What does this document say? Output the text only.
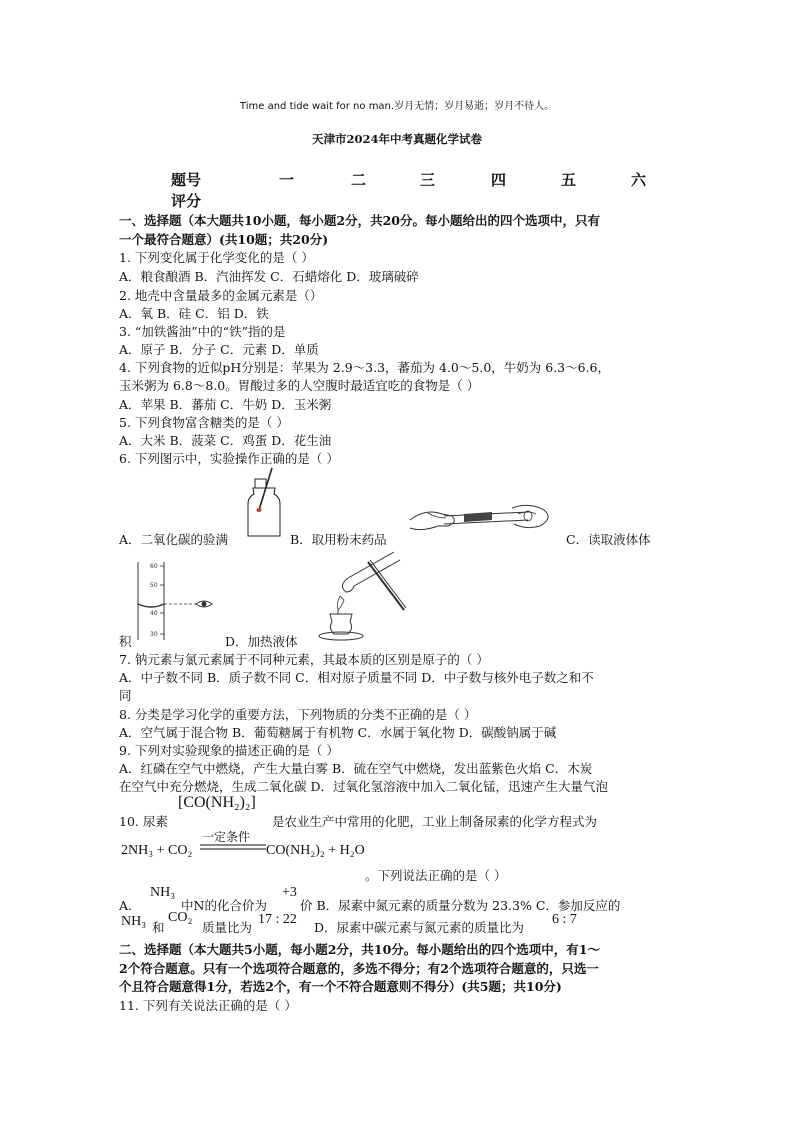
Time and tide wait for no man.岁月无情；岁月易逝；岁月不待人。
天津市2024年中考真题化学试卷
题号	一	二	三	四	五	六
评分
一、选择题（本大题共10小题，每小题2分，共20分。每小题给出的四个选项中，只有
一个最符合题意）(共10题；共20分)
1. 下列变化属于化学变化的是（ ）
A．粮食酿酒 B．汽油挥发 C．石蜡熔化 D．玻璃破碎
2. 地壳中含量最多的金属元素是（）
A．氧 B．硅 C．铝 D．铁
3. “加铁酱油”中的“铁”指的是
A．原子 B．分子 C．元素 D．单质
4. 下列食物的近似pH分别是：苹果为 2.9～3.3，蕃茄为 4.0～5.0，牛奶为 6.3～6.6，
玉米粥为 6.8～8.0。胃酸过多的人空腹时最适宜吃的食物是（ ）
A．苹果 B．蕃茄 C．牛奶 D．玉米粥
5. 下列食物富含糖类的是（ ）
A．大米 B．菠菜 C．鸡蛋 D．花生油
6. 下列图示中，实验操作正确的是（ ）
A．二氧化碳的验满	B．取用粉末药品	C．读取液体体
60
50
40
30
积	D．加热液体
7. 钠元素与氯元素属于不同种元素，其最本质的区别是原子的（ ）
A．中子数不同 B．质子数不同 C．相对原子质量不同 D．中子数与核外电子数之和不
同
8. 分类是学习化学的重要方法，下列物质的分类不正确的是（ ）
A．空气属于混合物 B．葡萄糖属于有机物 C．水属于氧化物 D．碳酸钠属于碱
9. 下列对实验现象的描述正确的是（ ）
A．红磷在空气中燃烧，产生大量白雾 B．硫在空气中燃烧，发出蓝紫色火焰 C．木炭
在空气中充分燃烧，生成二氧化碳 D．过氧化氢溶液中加入二氧化锰，迅速产生大量气泡
10. 尿素
[CO(NH₂)₂]
是农业生产中常用的化肥，工业上制备尿素的化学方程式为
2NH₃ + CO₂
一定条件
CO(NH₂)₂ + H₂O
。下列说法正确的是（ ）
A．
NH₃
中N的化合价为
+3
价 B．尿素中氮元素的质量分数为 23.3% C．参加反应的
NH₃ 和
CO₂
质量比为
17 : 22
D．尿素中碳元素与氮元素的质量比为
6 : 7
二、选择题（本大题共5小题，每小题2分，共10分。每小题给出的四个选项中，有1～
2个符合题意。只有一个选项符合题意的，多选不得分；有2个选项符合题意的，只选一
个且符合题意得1分，若选2个，有一个不符合题意则不得分）(共5题；共10分)
11. 下列有关说法正确的是（ ）
